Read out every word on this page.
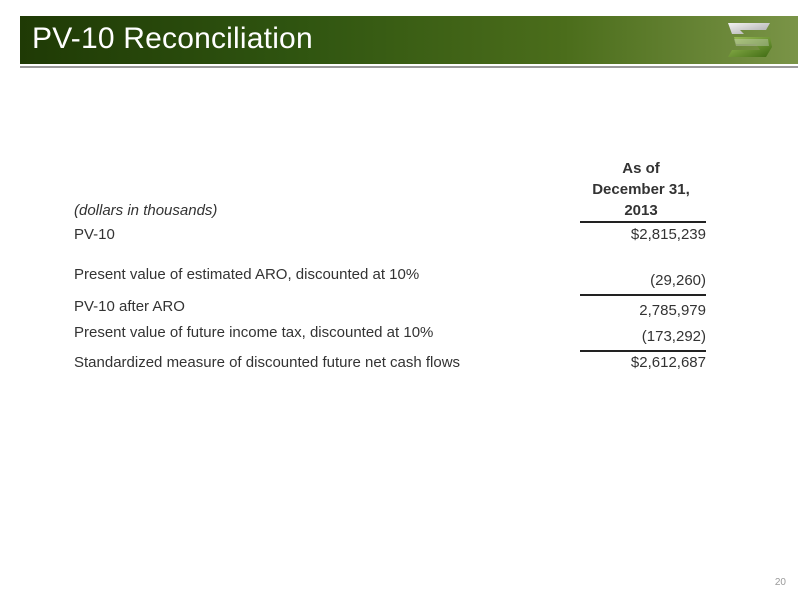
PV-10 Reconciliation
As of
December 31,
2013
(dollars in thousands)
PV-10	$2,815,239
Present value of estimated ARO, discounted at 10%	(29,260)
PV-10 after ARO	2,785,979
Present value of future income tax, discounted at 10%	(173,292)
Standardized measure of discounted future net cash flows	$2,612,687
20
